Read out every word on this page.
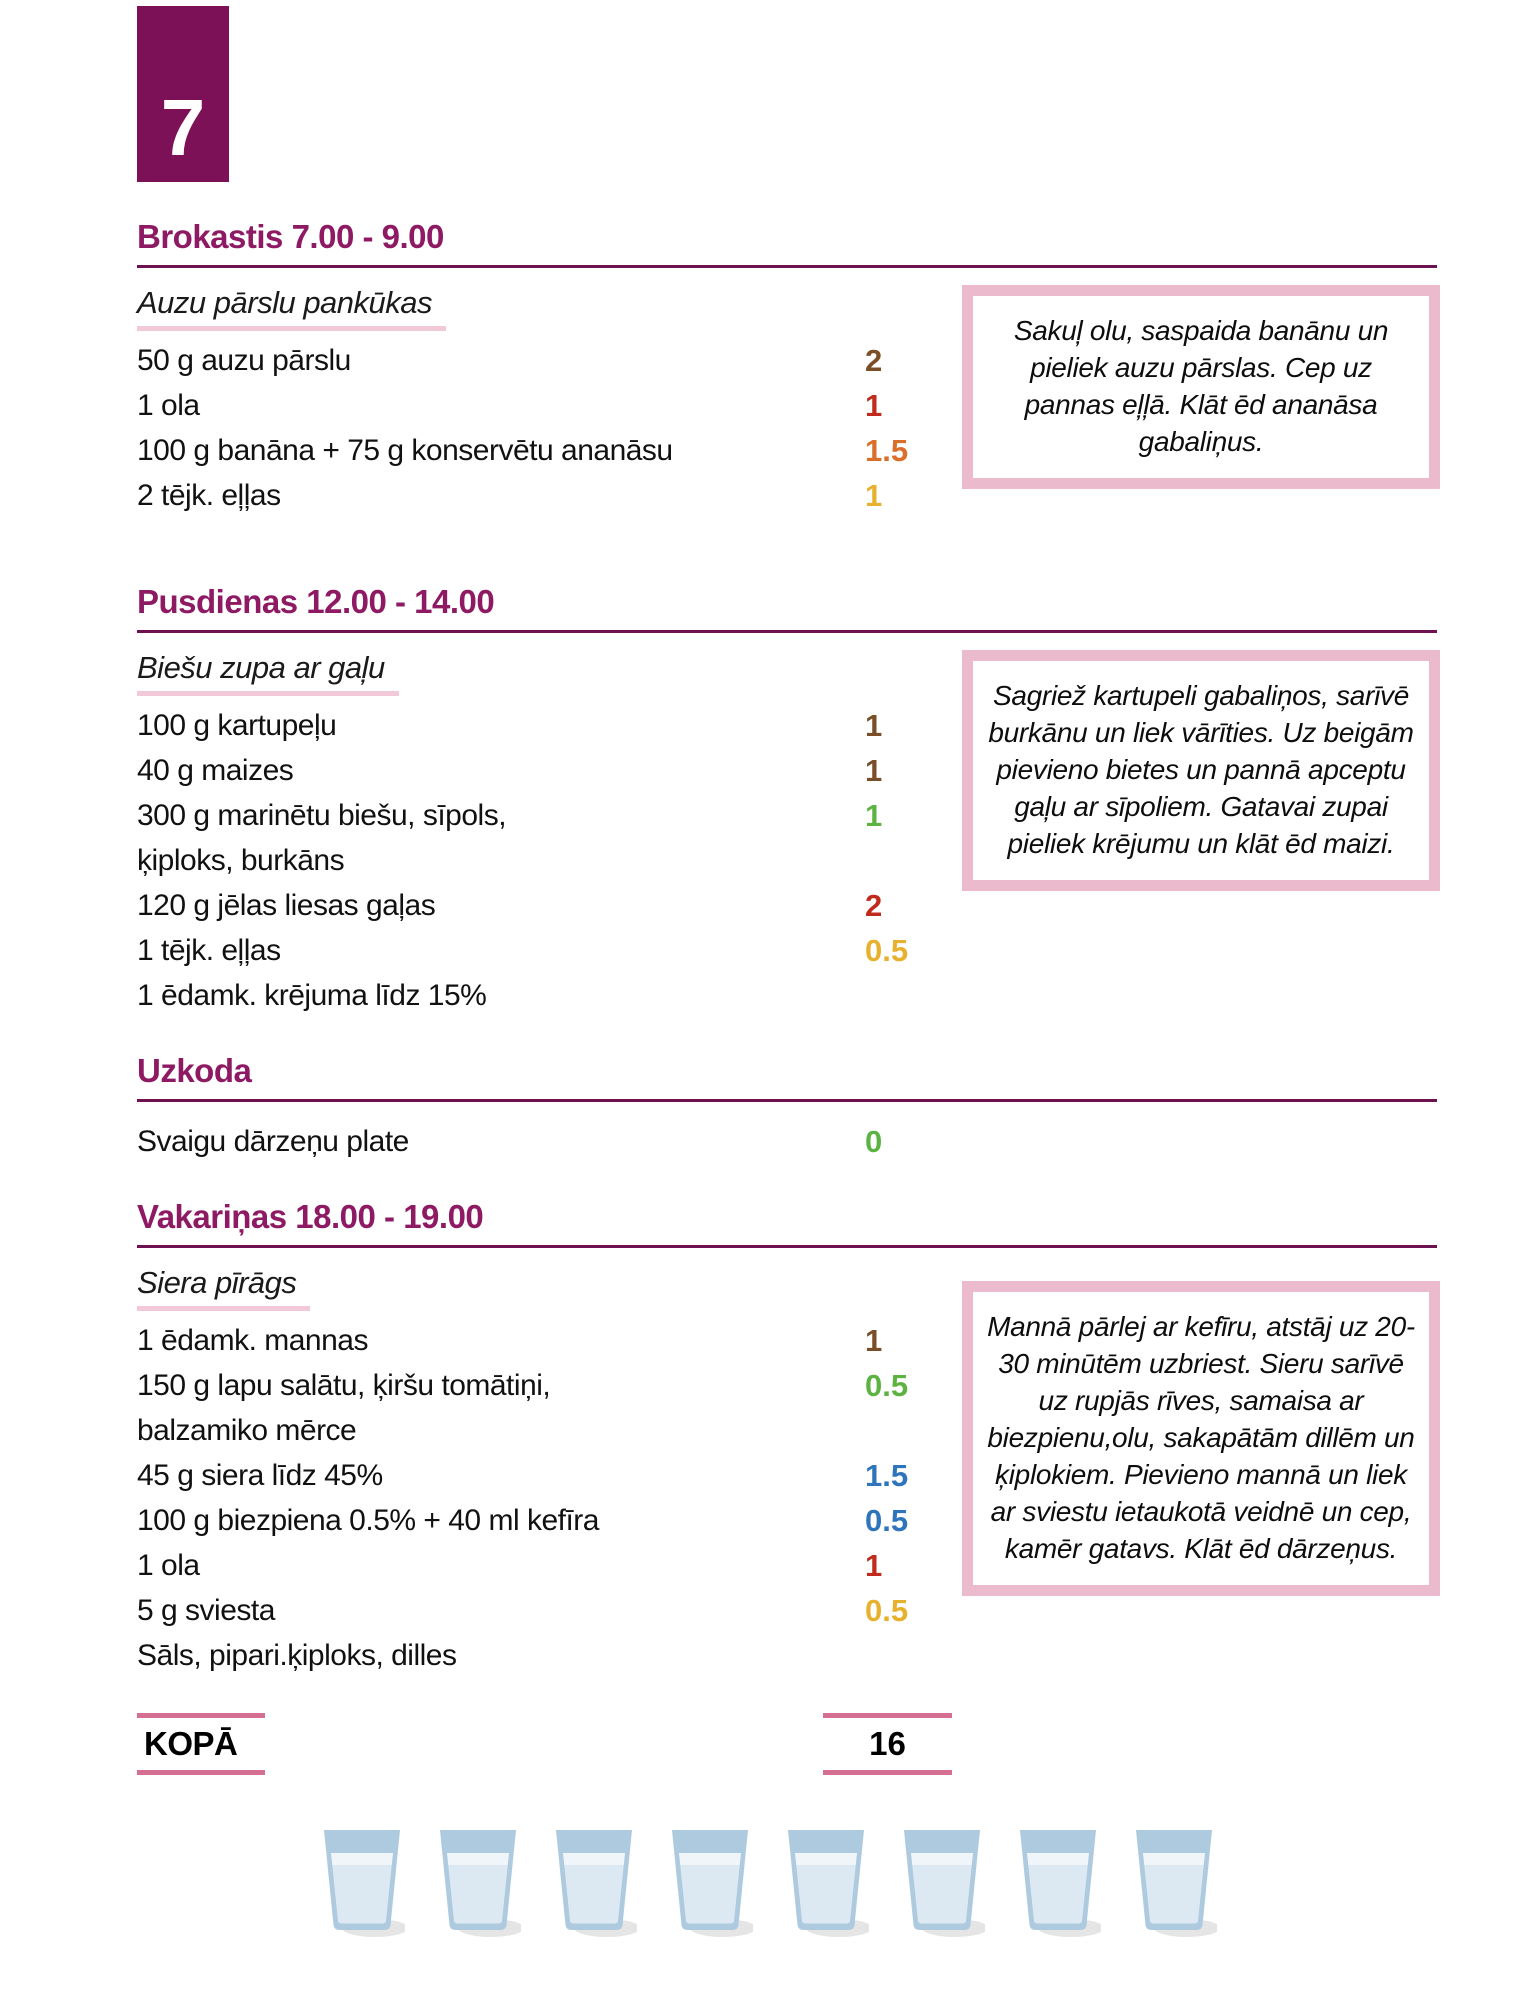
7
Brokastis 7.00 - 9.00
Auzu pārslu pankūkas
50 g auzu pārslu	2
1 ola	1
100 g banāna + 75 g konservētu ananāsu	1.5
2 tējk. eļļas	1
Sakuļ olu, saspaida banānu un pieliek auzu pārslas. Cep uz pannas eļļā. Klāt ēd ananāsa gabaliņus.
Pusdienas 12.00 - 14.00
Biešu zupa ar gaļu
100 g kartupeļu	1
40 g maizes	1
300 g marinētu biešu, sīpols,	1
ķiploks, burkāns
120 g jēlas liesas gaļas	2
1 tējk. eļļas	0.5
1 ēdamk. krējuma līdz 15%
Sagriež kartupeli gabaliņos, sarīvē burkānu un liek vārīties. Uz beigām pievieno bietes un pannā apceptu gaļu ar sīpoliem. Gatavai zupai pieliek krējumu un klāt ēd maizi.
Uzkoda
Svaigu dārzeņu plate	0
Vakariņas 18.00 - 19.00
Siera pīrāgs
1 ēdamk. mannas	1
150 g lapu salātu, ķiršu tomātiņi,	0.5
balzamiko mērce
45 g siera līdz 45%	1.5
100 g biezpiena 0.5% + 40 ml kefīra	0.5
1 ola	1
5 g sviesta	0.5
Sāls, pipari.ķiploks, dilles
Mannā pārlej ar kefīru, atstāj uz 20-30 minūtēm uzbriest. Sieru sarīvē uz rupjās rīves, samaisa ar biezpienu,olu, sakapātām dillēm un ķiplokiem. Pievieno mannā un liek ar sviestu ietaukotā veidnē un cep, kamēr gatavs. Klāt ēd dārzeņus.
KOPĀ	16
